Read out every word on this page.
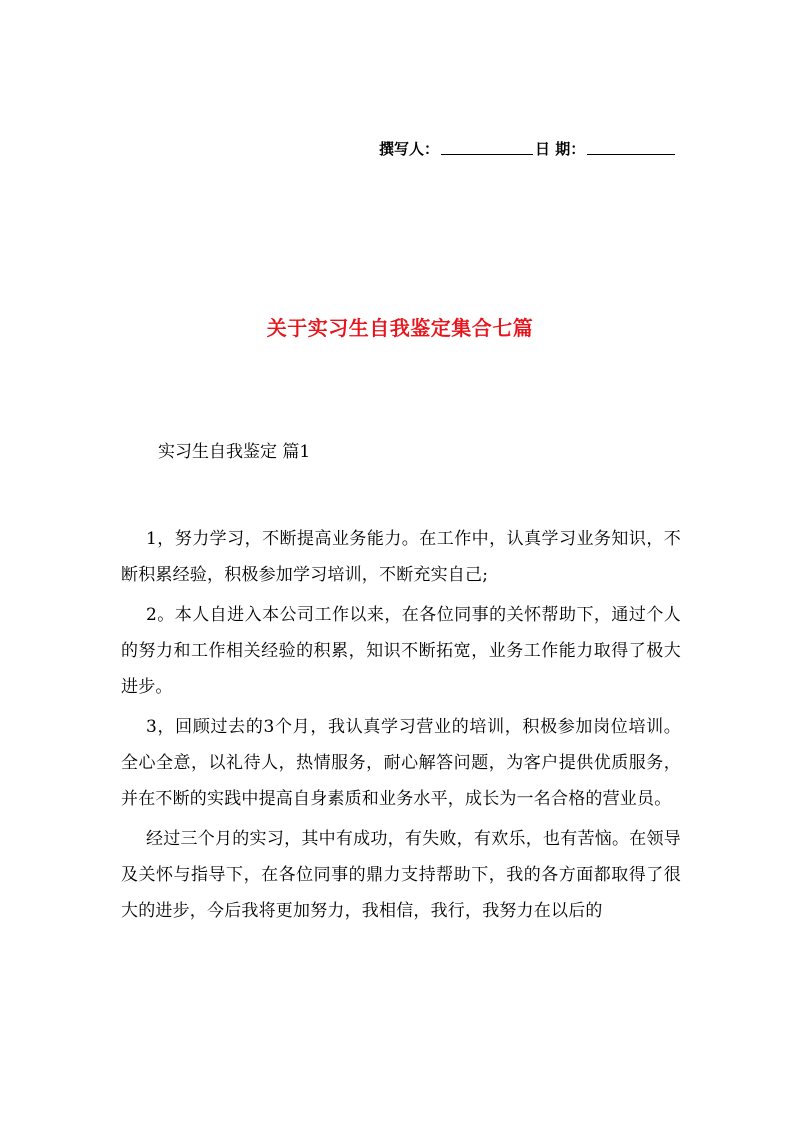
撰写人：	日 期：
关于实习生自我鉴定集合七篇
实习生自我鉴定 篇1

1，努力学习，不断提高业务能力。在工作中，认真学习业务知识，不断积累经验，积极参加学习培训，不断充实自己;

2。本人自进入本公司工作以来，在各位同事的关怀帮助下，通过个人的努力和工作相关经验的积累，知识不断拓宽，业务工作能力取得了极大进步。

3，回顾过去的3个月，我认真学习营业的培训，积极参加岗位培训。全心全意，以礼待人，热情服务，耐心解答问题，为客户提供优质服务，并在不断的实践中提高自身素质和业务水平，成长为一名合格的营业员。

经过三个月的实习，其中有成功，有失败，有欢乐，也有苦恼。在领导及关怀与指导下，在各位同事的鼎力支持帮助下，我的各方面都取得了很大的进步，今后我将更加努力，我相信，我行，我努力在以后的
